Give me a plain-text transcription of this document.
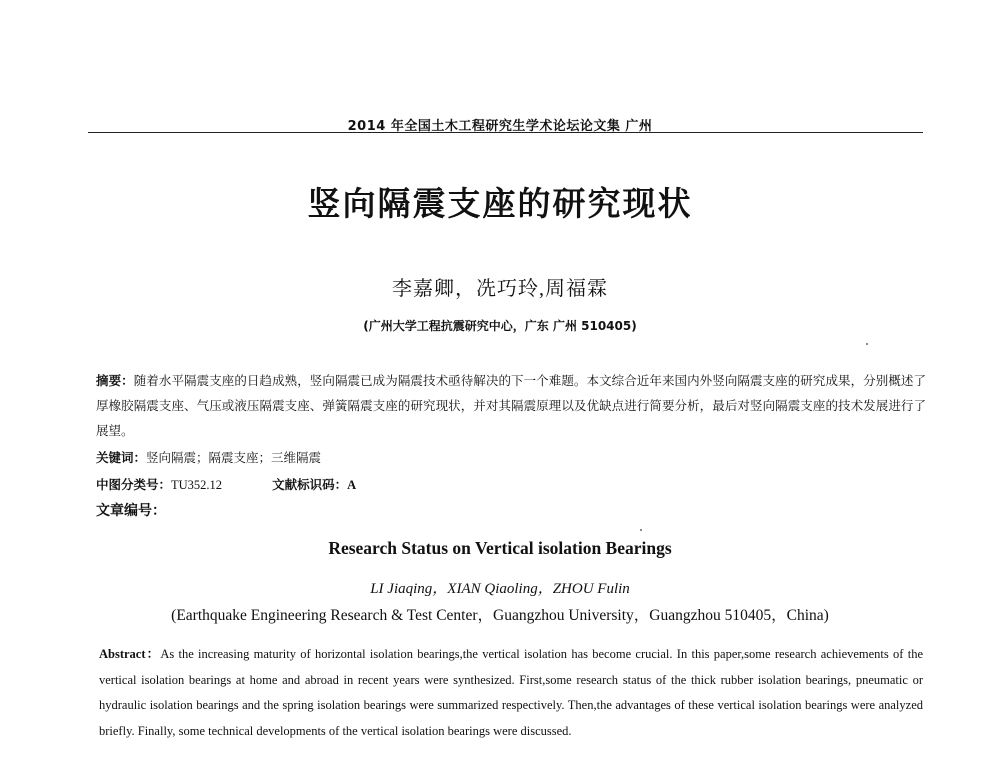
2014 年全国土木工程研究生学术论坛论文集 广州
竖向隔震支座的研究现状
李嘉卿，冼巧玲,周福霖
(广州大学工程抗震研究中心，广东 广州 510405)
摘要：随着水平隔震支座的日趋成熟，竖向隔震已成为隔震技术亟待解决的下一个难题。本文综合近年来国内外竖向隔震支座的研究成果，分别概述了厚橡胶隔震支座、气压或液压隔震支座、弹簧隔震支座的研究现状，并对其隔震原理以及优缺点进行简要分析，最后对竖向隔震支座的技术发展进行了展望。
关键词：竖向隔震；隔震支座；三维隔震
中图分类号：TU352.12	文献标识码：A
文章编号：
Research Status on Vertical isolation Bearings
LI Jiaqing，XIAN Qiaoling，ZHOU Fulin
(Earthquake Engineering Research & Test Center，Guangzhou University，Guangzhou 510405，China)
Abstract：As the increasing maturity of horizontal isolation bearings,the vertical isolation has become crucial. In this paper,some research achievements of the vertical isolation bearings at home and abroad in recent years were synthesized. First,some research status of the thick rubber isolation bearings, pneumatic or hydraulic isolation bearings and the spring isolation bearings were summarized respectively. Then,the advantages of these vertical isolation bearings were analyzed briefly. Finally, some technical developments of the vertical isolation bearings were discussed.
